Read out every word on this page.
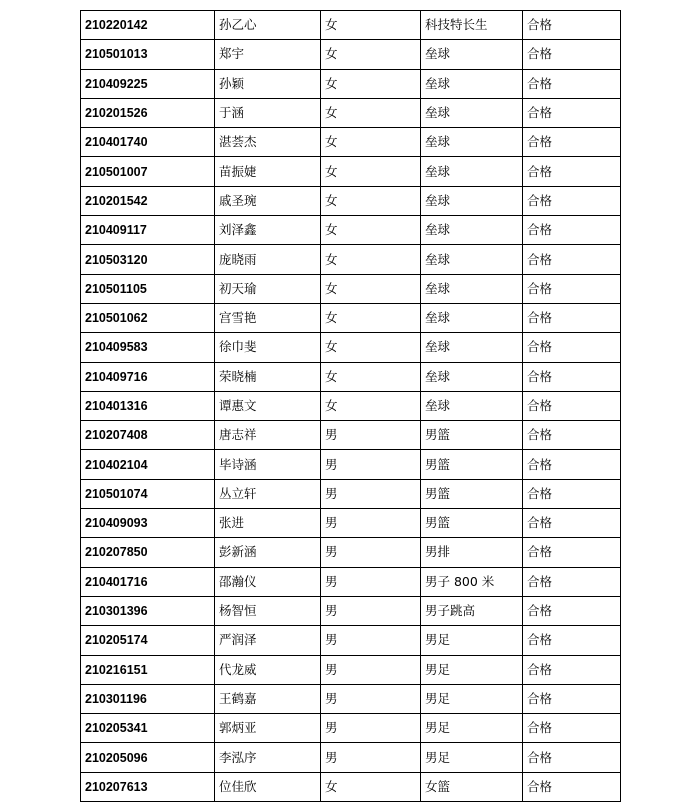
210220142	孙乙心	女	科技特长生	合格
210501013	郑宇	女	垒球	合格
210409225	孙颖	女	垒球	合格
210201526	于涵	女	垒球	合格
210401740	湛荟杰	女	垒球	合格
210501007	苗振婕	女	垒球	合格
210201542	戚圣琬	女	垒球	合格
210409117	刘泽鑫	女	垒球	合格
210503120	庞晓雨	女	垒球	合格
210501105	初天瑜	女	垒球	合格
210501062	宫雪艳	女	垒球	合格
210409583	徐巾斐	女	垒球	合格
210409716	荣晓楠	女	垒球	合格
210401316	谭惠文	女	垒球	合格
210207408	唐志祥	男	男篮	合格
210402104	毕诗涵	男	男篮	合格
210501074	丛立轩	男	男篮	合格
210409093	张进	男	男篮	合格
210207850	彭新涵	男	男排	合格
210401716	邵瀚仪	男	男子 800 米	合格
210301396	杨智恒	男	男子跳高	合格
210205174	严润泽	男	男足	合格
210216151	代龙威	男	男足	合格
210301196	王鹤嘉	男	男足	合格
210205341	郭炳亚	男	男足	合格
210205096	李泓序	男	男足	合格
210207613	位佳欣	女	女篮	合格
